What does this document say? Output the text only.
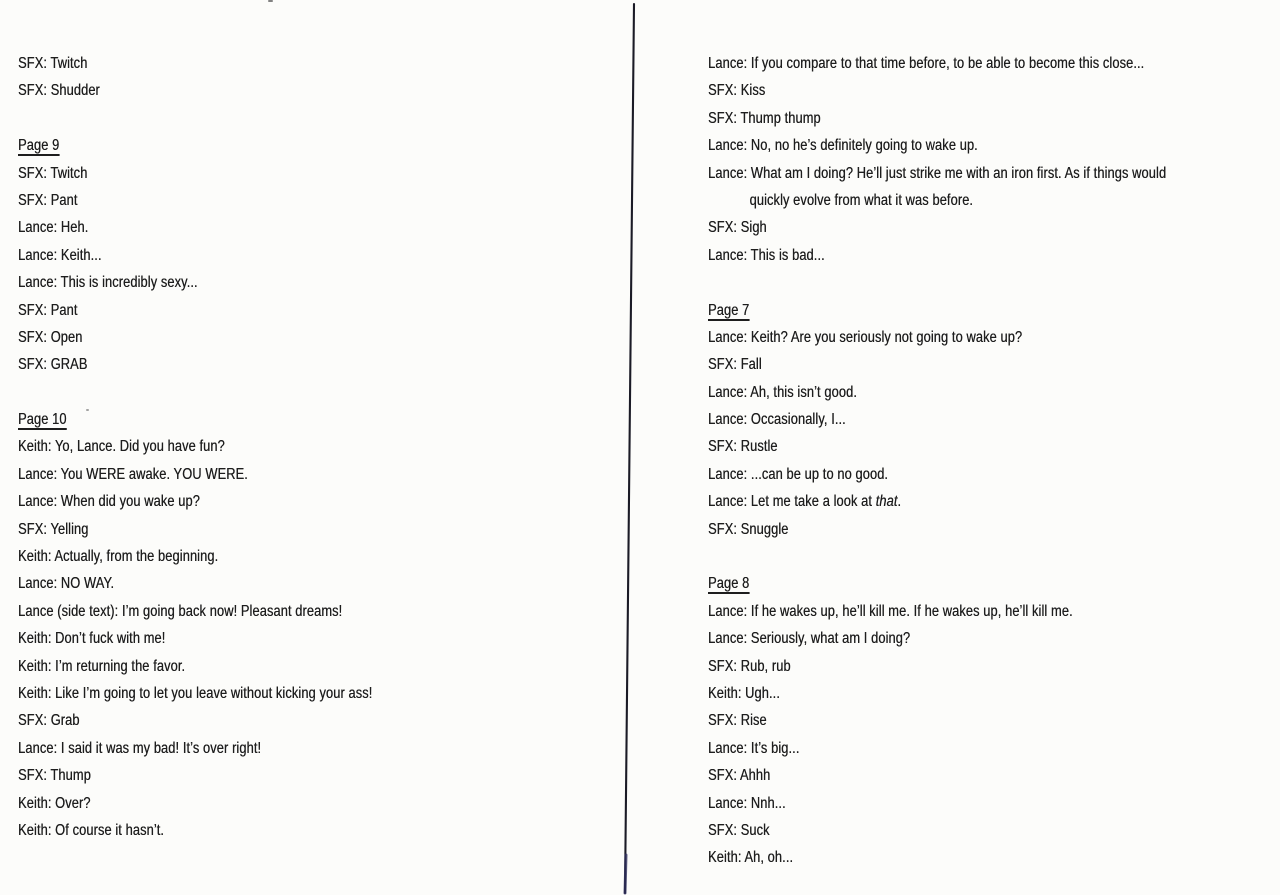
SFX: Twitch
SFX: Shudder
Page 9
SFX: Twitch
SFX: Pant
Lance: Heh.
Lance: Keith...
Lance: This is incredibly sexy...
SFX: Pant
SFX: Open
SFX: GRAB
Page 10
Keith: Yo, Lance. Did you have fun?
Lance: You WERE awake. YOU WERE.
Lance: When did you wake up?
SFX: Yelling
Keith: Actually, from the beginning.
Lance: NO WAY.
Lance (side text): I’m going back now! Pleasant dreams!
Keith: Don’t fuck with me!
Keith: I’m returning the favor.
Keith: Like I’m going to let you leave without kicking your ass!
SFX: Grab
Lance: I said it was my bad! It’s over right!
SFX: Thump
Keith: Over?
Keith: Of course it hasn’t.
Lance: If you compare to that time before, to be able to become this close...
SFX: Kiss
SFX: Thump thump
Lance: No, no he’s definitely going to wake up.
Lance: What am I doing? He’ll just strike me with an iron first. As if things would
quickly evolve from what it was before.
SFX: Sigh
Lance: This is bad...
Page 7
Lance: Keith? Are you seriously not going to wake up?
SFX: Fall
Lance: Ah, this isn’t good.
Lance: Occasionally, I...
SFX: Rustle
Lance: ...can be up to no good.
Lance: Let me take a look at that.
SFX: Snuggle
Page 8
Lance: If he wakes up, he’ll kill me. If he wakes up, he’ll kill me.
Lance: Seriously, what am I doing?
SFX: Rub, rub
Keith: Ugh...
SFX: Rise
Lance: It’s big...
SFX: Ahhh
Lance: Nnh...
SFX: Suck
Keith: Ah, oh...
